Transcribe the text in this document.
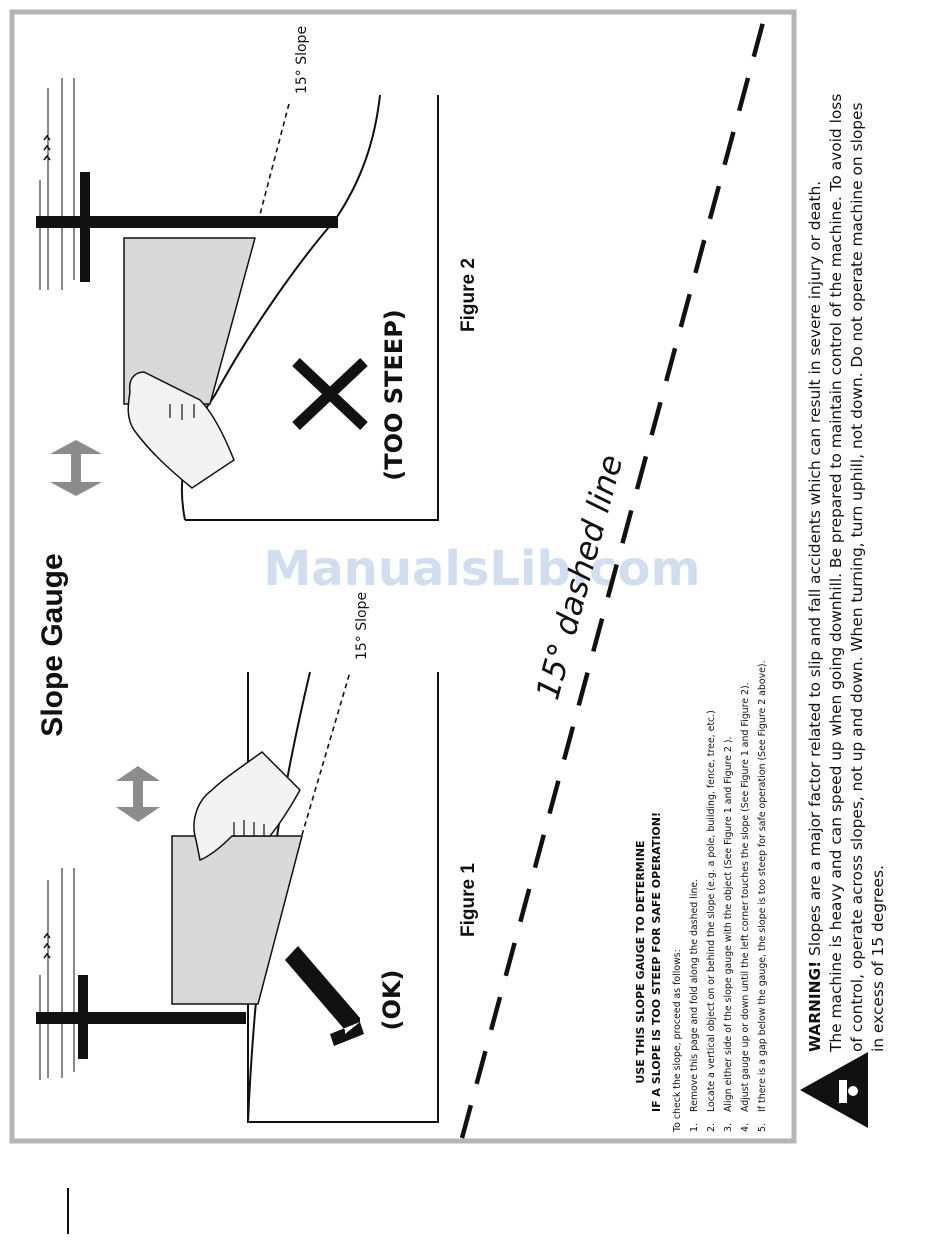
ManualsLib.com
15° dashed line
Slope Gauge
(OK)
Figure 1
15° Slope
(TOO STEEP)
Figure 2
15° Slope
USE THIS SLOPE GAUGE TO DETERMINE IF A SLOPE IS TOO STEEP FOR SAFE OPERATION! To check the slope, proceed as follows: 1.
Remove this page and fold along the dashed line.
2.
Locate a vertical object on or behind the slope (e.g. a pole, building, fence, tree, etc.)
3.
Align either side of the slope gauge with the object (See Figure 1 and Figure 2 ).
4.
Adjust gauge up or down until the left corner touches the slope (See Figure 1 and Figure 2).
5.
If there is a gap below the gauge, the slope is too steep for safe operation (See Figure 2 above). WARNING! Slopes are a major factor related to slip and fall accidents which can result in severe injury or death. The machine is heavy and can speed up when going downhill. Be prepared to maintain control of the machine. To avoid loss of control, operate across slopes, not up and down. When turning, turn uphill, not down. Do not operate machine on slopes in excess of 15 degrees.
